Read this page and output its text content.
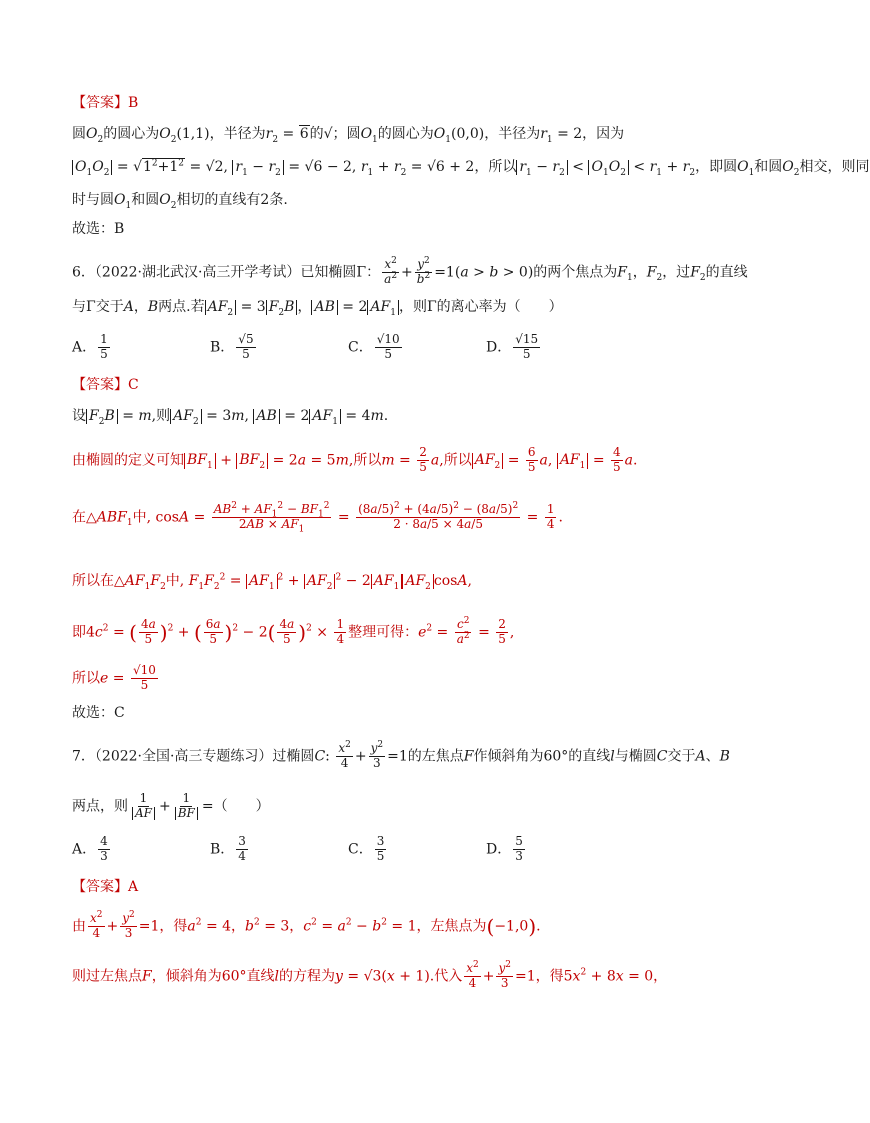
【答案】B
圆$O_2$的圆心为$O_2(1,1)$，半径为$r_2 = 6$的√；圆$O_1$的圆心为$O_1(0,0)$，半径为$r_1 = 2$，因为
$O_1O_2 = √1^2+1^2 = √2$, $r_1 - r_2 = √6 - 2$, $r_1 + r_2 = √6 + 2$，所以 $r_1 - r_2 < O_1O_2 < r_1 + r_2$，即圆$O_1$和圆$O_2$相交，则同
时与圆$O_1$和圆$O_2$相切的直线有2条.
故选：B
6．（2022·湖北武汉·高三开学考试）已知椭圆Γ： $\frac{x^2}{a^2} + \frac{y^2}{b^2} =1(a > b > 0)$的两个焦点为$F_1$，$F_2$，过$F_2$的直线
与Γ交于A，B两点.若 $AF_2 = 3$ $F_2B$ ， AB = 2 $AF_1$ ，则Γ的离心率为（　　）
A． $\frac{1}{5}$	B． $\frac{√5}{5}$	C． $\frac{√10}{5}$	D． $\frac{√15}{5}$
【答案】C
设 $F_2B = m$,则 $AF_2 = 3m$, AB = 2 $AF_1 = 4m$.
由椭圆的定义可知 $BF_1 + BF_2 = 2a = 5m$,所以$m = \frac{2}{5} a$,所以 $AF_2 = \frac{6}{5} a$, $AF_1 = \frac{4}{5} a$.
在$\triangle ABF_1$中, $\cos A = \frac{AB^2 + AF_1^2 - BF_1^2}{2AB \times AF_1} = \frac{(8a/5)^2 + (4a/5)^2 - (8a/5)^2}{2 \cdot 8a/5 \times 4a/5} = \frac{1}{4}$ .
所以在$\triangle AF_1F_2$中, $F_1F_2^2 = AF_1^2 + AF_2^2 - 2$ $AF_1$ $AF_2$ cosA,
即$4c^2$ = ( $\frac{4a}{5} )^2$ + ( $\frac{6a}{5} )^2 - 2( \frac{4a}{5} )^2 \times \frac{1}{4}$ 整理可得：$e^2 = \frac{c^2}{a^2} = \frac{2}{5}$ ,
所以$e = \frac{√10}{5}$
故选：C
7．（2022·全国·高三专题练习）过椭圆C: $\frac{x^2}{4} + \frac{y^2}{3} =1$的左焦点F作倾斜角为60°的直线l与椭圆C交于A、B
两点，则 $\frac{1}{AF} + \frac{1}{BF}$ =（　　）
A． $\frac{4}{3}$	B． $\frac{3}{4}$	C． $\frac{3}{5}$	D． $\frac{5}{3}$
【答案】A
由 $\frac{x^2}{4} + \frac{y^2}{3} =1$，得$a^2 = 4$，$b^2 = 3$，$c^2 = a^2 - b^2 = 1$，左焦点为(−1,0).
则过左焦点F，倾斜角为60°直线l的方程为y = √3(x + 1).代入 $\frac{x^2}{4} + \frac{y^2}{3} =1$，得$5x^2 + 8x = 0$，
